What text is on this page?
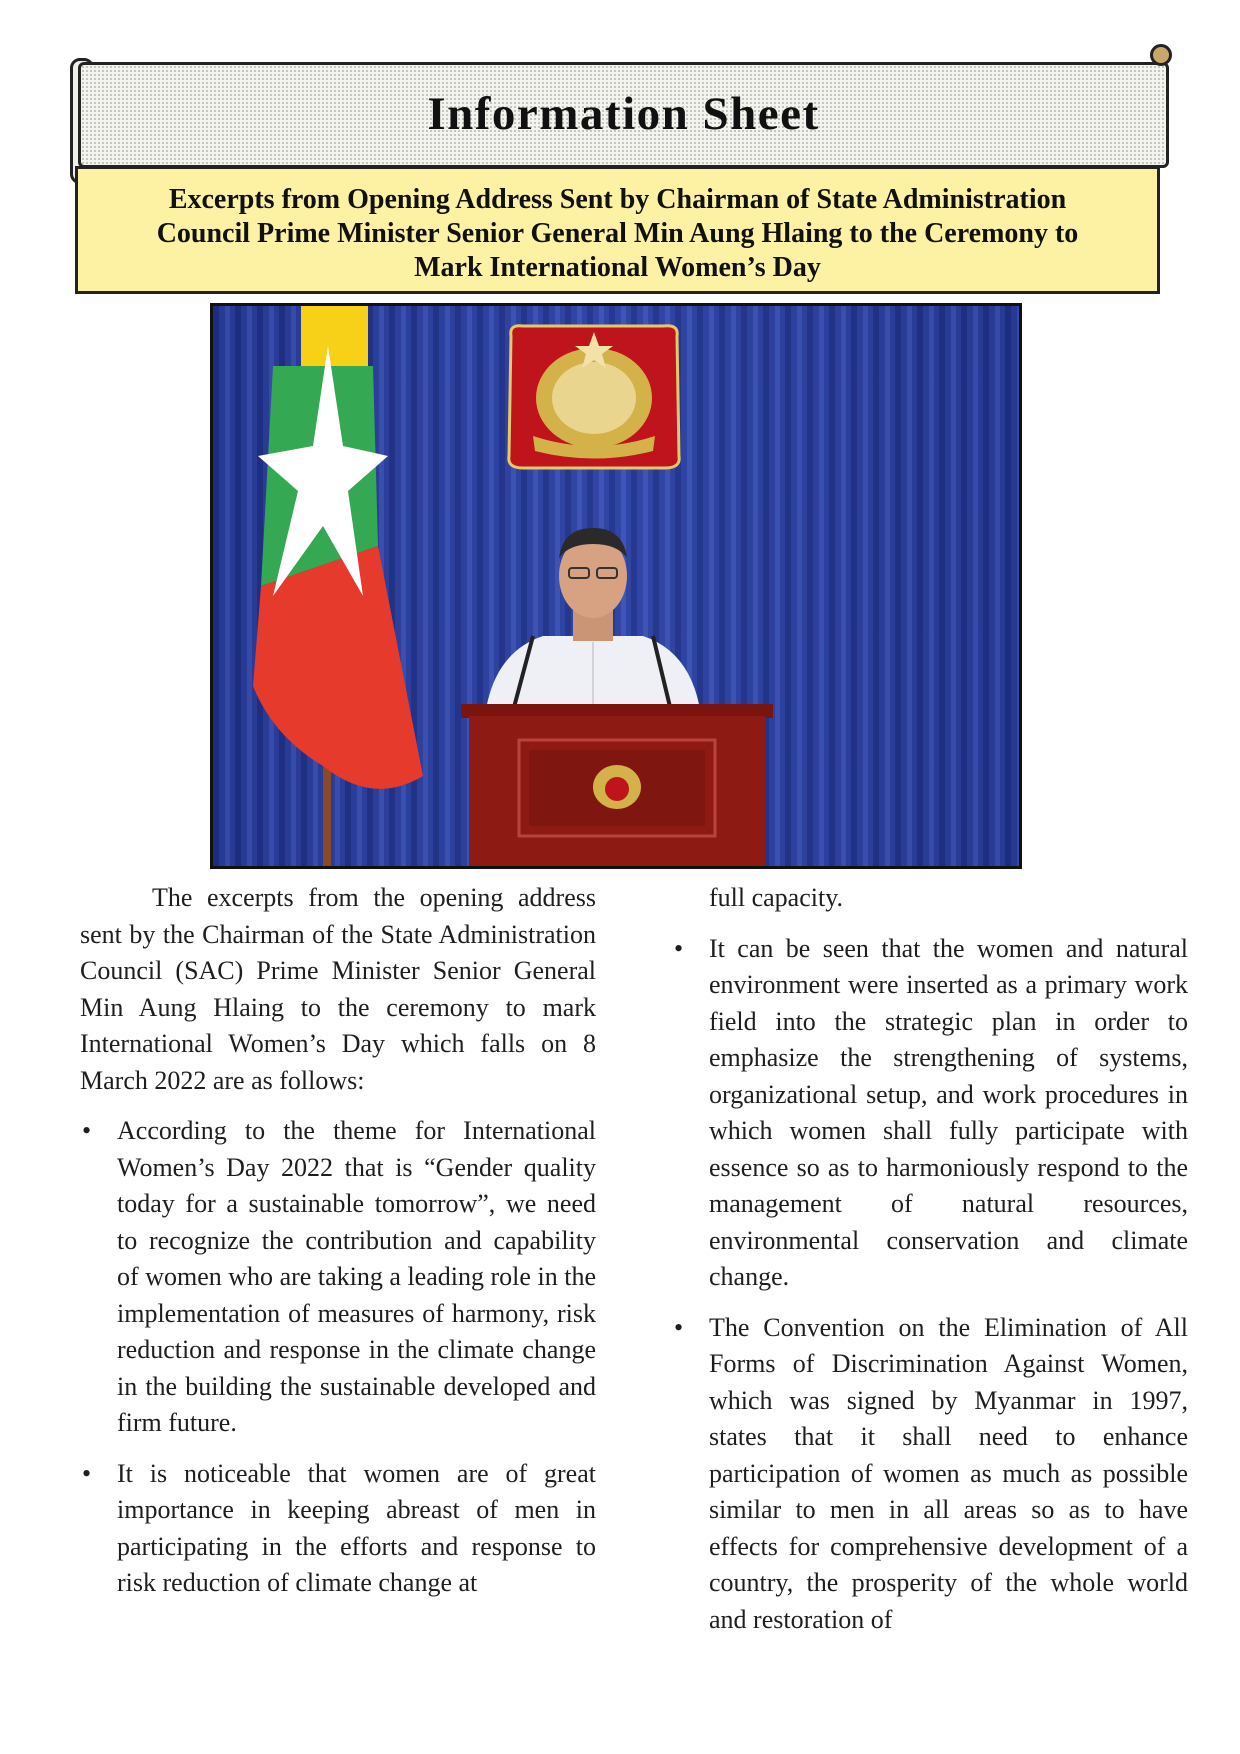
Information Sheet
Excerpts from Opening Address Sent by Chairman of State Administration
Council Prime Minister Senior General Min Aung Hlaing to the Ceremony to
Mark International Women’s Day

The excerpts from the opening address sent by the Chairman of the State Administration Council (SAC) Prime Minister Senior General Min Aung Hlaing to the ceremony to mark International Women’s Day which falls on 8 March 2022 are as follows:

• According to the theme for International Women’s Day 2022 that is “Gender quality today for a sustainable tomorrow”, we need to recognize the contribution and capability of women who are taking a leading role in the implementation of measures of harmony, risk reduction and response in the climate change in the building the sustainable developed and firm future.
• It is noticeable that women are of great importance in keeping abreast of men in participating in the efforts and response to risk reduction of climate change at

full capacity.

• It can be seen that the women and natural environment were inserted as a primary work field into the strategic plan in order to emphasize the strengthening of systems, organizational setup, and work procedures in which women shall fully participate with essence so as to harmoniously respond to the management of natural resources, environmental conservation and climate change.
• The Convention on the Elimination of All Forms of Discrimination Against Women, which was signed by Myanmar in 1997, states that it shall need to enhance participation of women as much as possible similar to men in all areas so as to have effects for comprehensive development of a country, the prosperity of the whole world and restoration of
